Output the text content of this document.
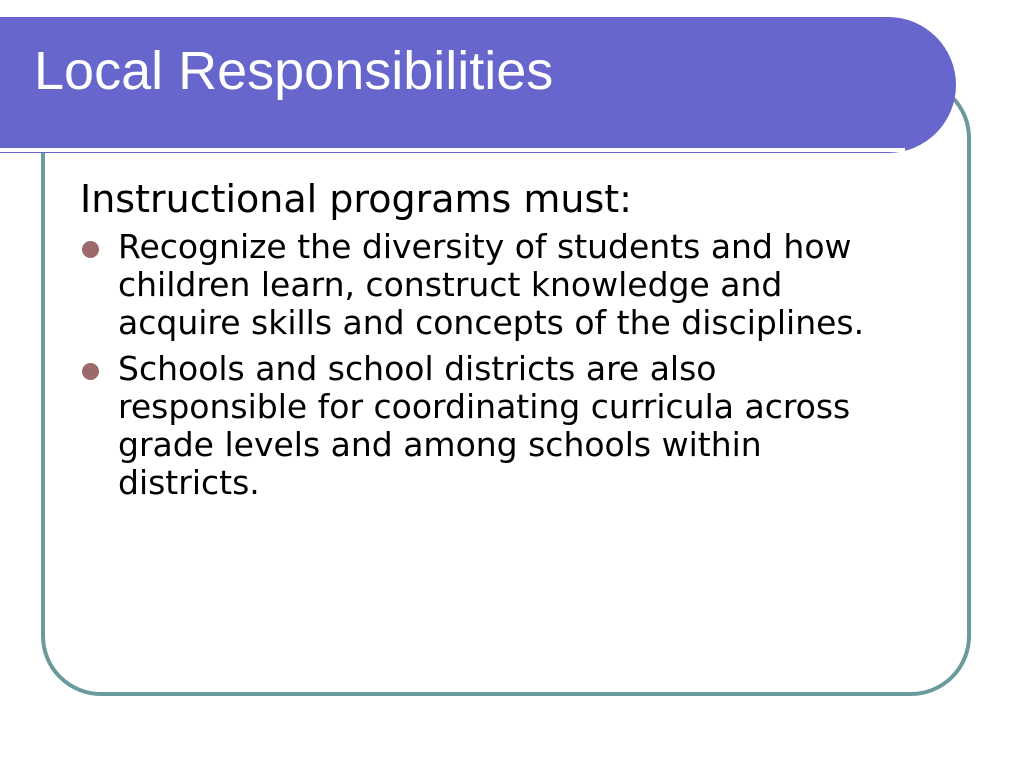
Local Responsibilities

Instructional programs must:

Recognize the diversity of students and how children learn, construct knowledge and acquire skills and concepts of the disciplines.
Schools and school districts are also responsible for coordinating curricula across grade levels and among schools within districts.
